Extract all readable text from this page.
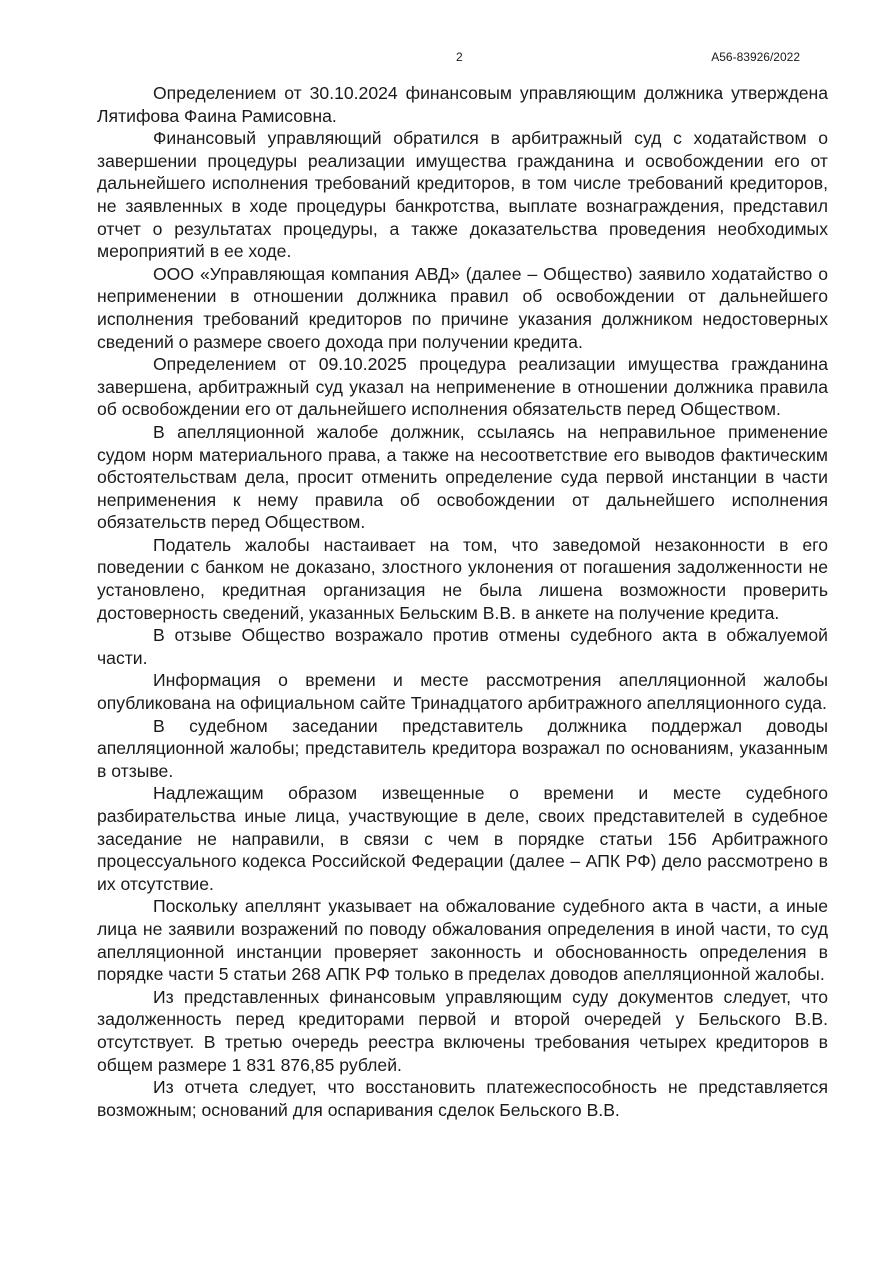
2	А56-83926/2022

Определением от 30.10.2024 финансовым управляющим должника утверждена Лятифова Фаина Рамисовна.

Финансовый управляющий обратился в арбитражный суд с ходатайством о завершении процедуры реализации имущества гражданина и освобождении его от дальнейшего исполнения требований кредиторов, в том числе требований кредиторов, не заявленных в ходе процедуры банкротства, выплате вознаграждения, представил отчет о результатах процедуры, а также доказательства проведения необходимых мероприятий в ее ходе.

ООО «Управляющая компания АВД» (далее – Общество) заявило ходатайство о неприменении в отношении должника правил об освобождении от дальнейшего исполнения требований кредиторов по причине указания должником недостоверных сведений о размере своего дохода при получении кредита.

Определением от 09.10.2025 процедура реализации имущества гражданина завершена, арбитражный суд указал на неприменение в отношении должника правила об освобождении его от дальнейшего исполнения обязательств перед Обществом.

В апелляционной жалобе должник, ссылаясь на неправильное применение судом норм материального права, а также на несоответствие его выводов фактическим обстоятельствам дела, просит отменить определение суда первой инстанции в части неприменения к нему правила об освобождении от дальнейшего исполнения обязательств перед Обществом.

Податель жалобы настаивает на том, что заведомой незаконности в его поведении с банком не доказано, злостного уклонения от погашения задолженности не установлено, кредитная организация не была лишена возможности проверить достоверность сведений, указанных Бельским В.В. в анкете на получение кредита.

В отзыве Общество возражало против отмены судебного акта в обжалуемой части.

Информация о времени и месте рассмотрения апелляционной жалобы опубликована на официальном сайте Тринадцатого арбитражного апелляционного суда.

В судебном заседании представитель должника поддержал доводы апелляционной жалобы; представитель кредитора возражал по основаниям, указанным в отзыве.

Надлежащим образом извещенные о времени и месте судебного разбирательства иные лица, участвующие в деле, своих представителей в судебное заседание не направили, в связи с чем в порядке статьи 156 Арбитражного процессуального кодекса Российской Федерации (далее – АПК РФ) дело рассмотрено в их отсутствие.

Поскольку апеллянт указывает на обжалование судебного акта в части, а иные лица не заявили возражений по поводу обжалования определения в иной части, то суд апелляционной инстанции проверяет законность и обоснованность определения в порядке части 5 статьи 268 АПК РФ только в пределах доводов апелляционной жалобы.

Из представленных финансовым управляющим суду документов следует, что задолженность перед кредиторами первой и второй очередей у Бельского В.В. отсутствует. В третью очередь реестра включены требования четырех кредиторов в общем размере 1 831 876,85 рублей.

Из отчета следует, что восстановить платежеспособность не представляется возможным; оснований для оспаривания сделок Бельского В.В.
